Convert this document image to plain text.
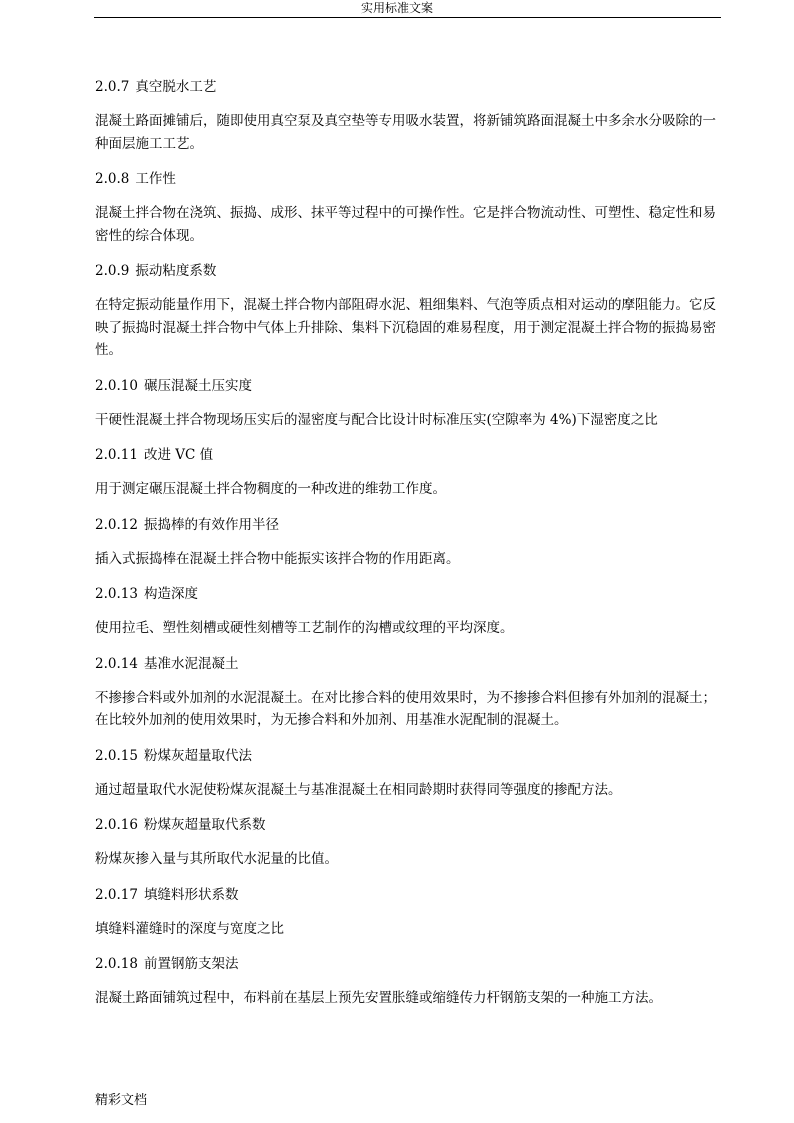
实用标准文案
2.0.7 真空脱水工艺
混凝土路面摊铺后，随即使用真空泵及真空垫等专用吸水装置，将新铺筑路面混凝土中多余水分吸除的一种面层施工工艺。
2.0.8 工作性
混凝土拌合物在浇筑、振捣、成形、抹平等过程中的可操作性。它是拌合物流动性、可塑性、稳定性和易密性的综合体现。
2.0.9 振动粘度系数
在特定振动能量作用下，混凝土拌合物内部阻碍水泥、粗细集料、气泡等质点相对运动的摩阻能力。它反映了振捣时混凝土拌合物中气体上升排除、集料下沉稳固的难易程度，用于测定混凝土拌合物的振捣易密性。
2.0.10 碾压混凝土压实度
干硬性混凝土拌合物现场压实后的湿密度与配合比设计时标准压实(空隙率为 4%)下湿密度之比
2.0.11 改进 VC 值
用于测定碾压混凝土拌合物稠度的一种改进的维勃工作度。
2.0.12 振捣棒的有效作用半径
插入式振捣棒在混凝土拌合物中能振实该拌合物的作用距离。
2.0.13 构造深度
使用拉毛、塑性刻槽或硬性刻槽等工艺制作的沟槽或纹理的平均深度。
2.0.14 基准水泥混凝土
不掺掺合料或外加剂的水泥混凝土。在对比掺合料的使用效果时，为不掺掺合料但掺有外加剂的混凝土；在比较外加剂的使用效果时，为无掺合料和外加剂、用基准水泥配制的混凝土。
2.0.15 粉煤灰超量取代法
通过超量取代水泥使粉煤灰混凝土与基准混凝土在相同龄期时获得同等强度的掺配方法。
2.0.16 粉煤灰超量取代系数
粉煤灰掺入量与其所取代水泥量的比值。
2.0.17 填缝料形状系数
填缝料灌缝时的深度与宽度之比
2.0.18 前置钢筋支架法
混凝土路面铺筑过程中，布料前在基层上预先安置胀缝或缩缝传力杆钢筋支架的一种施工方法。
精彩文档
